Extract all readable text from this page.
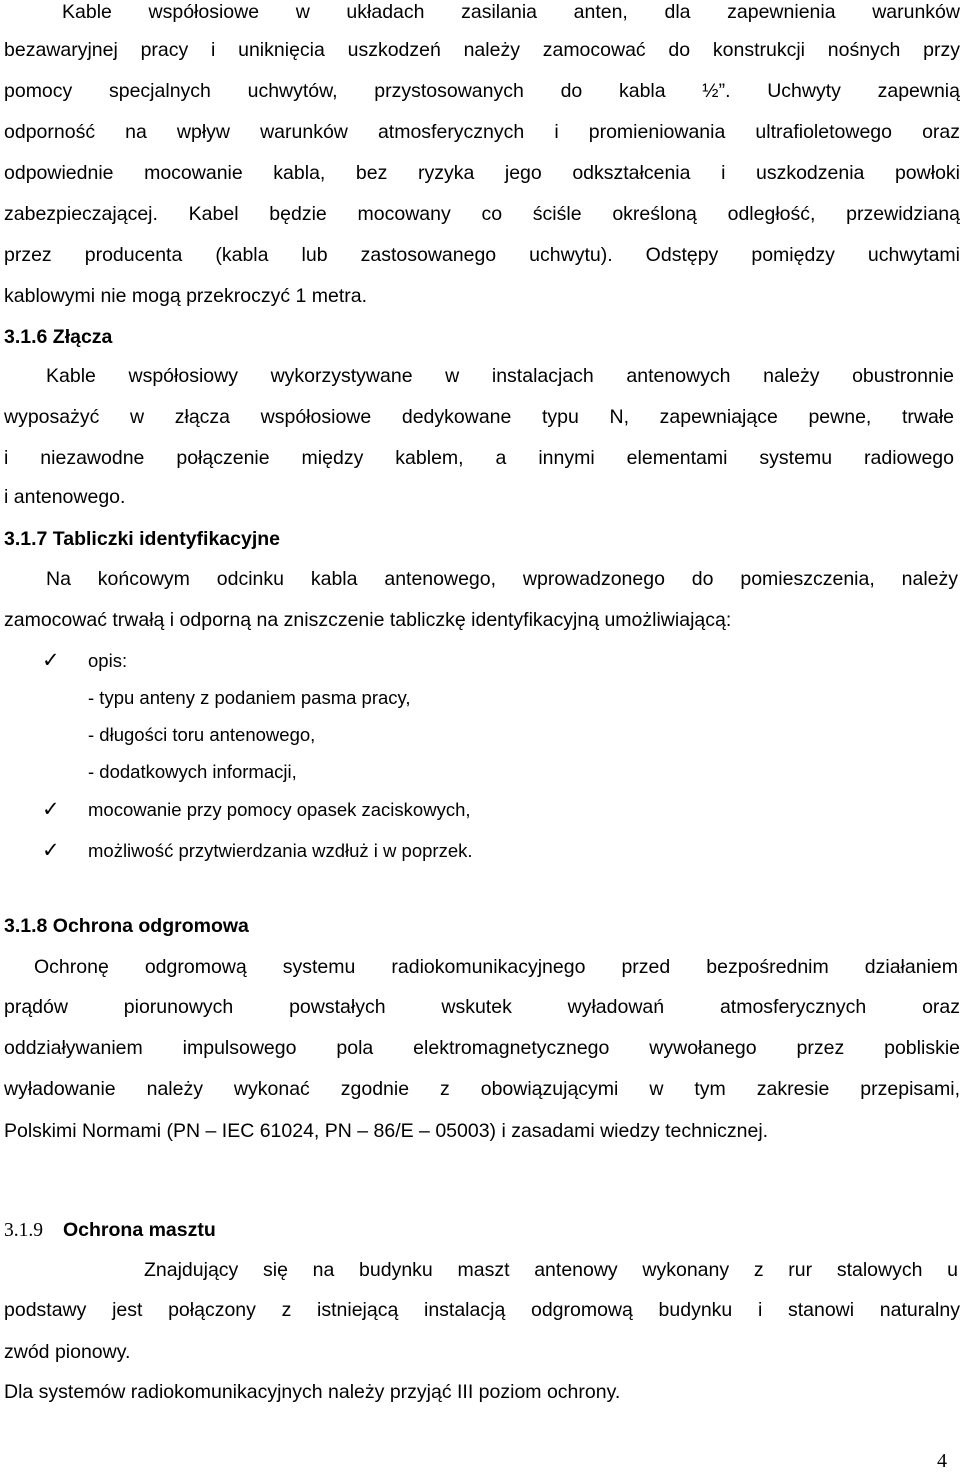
Kable współosiowe w układach zasilania anten, dla zapewnienia warunków
bezawaryjnej pracy i uniknięcia uszkodzeń należy zamocować do konstrukcji nośnych przy
pomocy specjalnych uchwytów, przystosowanych do kabla ½”. Uchwyty zapewnią
odporność na wpływ warunków atmosferycznych i promieniowania ultrafioletowego oraz
odpowiednie mocowanie kabla, bez ryzyka jego odkształcenia i uszkodzenia powłoki
zabezpieczającej. Kabel będzie mocowany co ściśle określoną odległość, przewidzianą
przez producenta (kabla lub zastosowanego uchwytu). Odstępy pomiędzy uchwytami
kablowymi nie mogą przekroczyć 1 metra.
3.1.6 Złącza
Kable współosiowy wykorzystywane w instalacjach antenowych należy obustronnie
wyposażyć w złącza współosiowe dedykowane typu N, zapewniające pewne, trwałe
i niezawodne połączenie między kablem, a innymi elementami systemu radiowego
i antenowego.
3.1.7 Tabliczki identyfikacyjne
Na końcowym odcinku kabla antenowego, wprowadzonego do pomieszczenia, należy
zamocować trwałą i odporną na zniszczenie tabliczkę identyfikacyjną umożliwiającą:
✓ opis:
- typu anteny z podaniem pasma pracy,
- długości toru antenowego,
- dodatkowych informacji,
✓ mocowanie przy pomocy opasek zaciskowych,
✓ możliwość przytwierdzania wzdłuż i w poprzek.
3.1.8 Ochrona odgromowa
Ochronę odgromową systemu radiokomunikacyjnego przed bezpośrednim działaniem
prądów piorunowych powstałych wskutek wyładowań atmosferycznych oraz
oddziaływaniem impulsowego pola elektromagnetycznego wywołanego przez pobliskie
wyładowanie należy wykonać zgodnie z obowiązującymi w tym zakresie przepisami,
Polskimi Normami (PN – IEC 61024, PN – 86/E – 05003) i zasadami wiedzy technicznej.
3.1.9 Ochrona masztu
Znajdujący się na budynku maszt antenowy wykonany z rur stalowych u
podstawy jest połączony z istniejącą instalacją odgromową budynku i stanowi naturalny
zwód pionowy.
Dla systemów radiokomunikacyjnych należy przyjąć III poziom ochrony.
4
